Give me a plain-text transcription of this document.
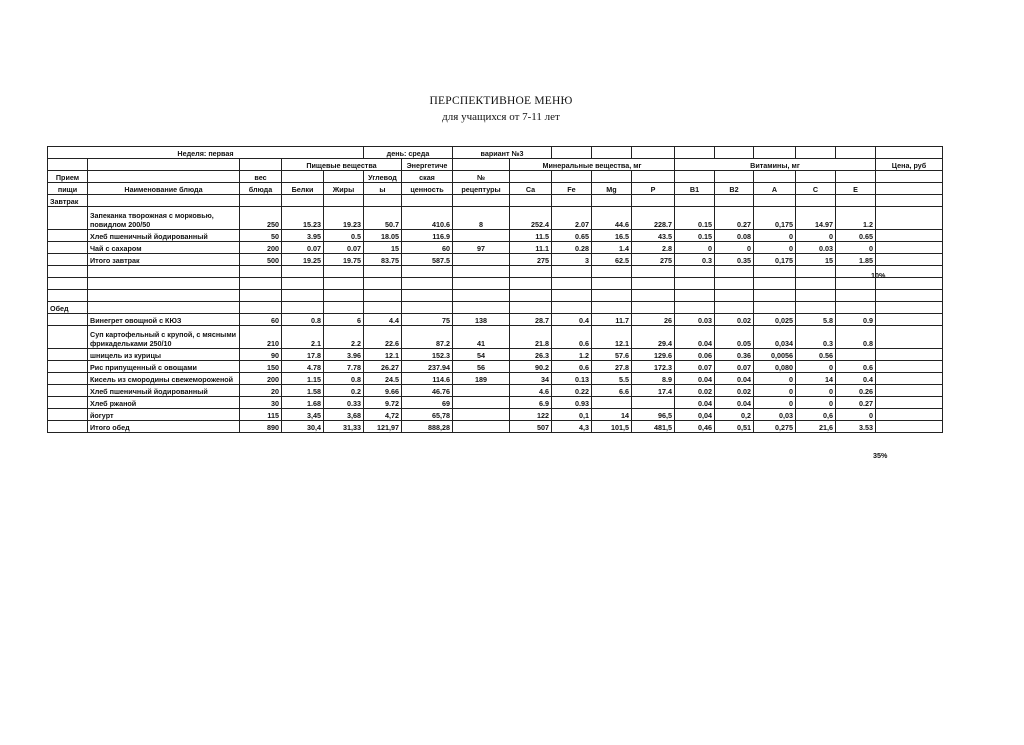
ПЕРСПЕКТИВНОЕ МЕНЮ
для учащихся от 7-11 лет
Неделя: первая					день: среда		вариант №3										
			Пищевые вещества			Энергетиче		Минеральные вещества, мг				Витамины, мг					Цена, руб
Прием		вес			Углевод	ская	№										
пищи	Наименование блюда	блюда	Белки	Жиры	ы	ценность	рецептуры	Ca	Fe	Mg	P	B1	B2	A	C	E	
Завтрак																	
	Запеканка творожная с морковью, повидлом 200/50	250	15.23	19.23	50.7	410.6	8	252.4	2.07	44.6	228.7	0.15	0.27	0,175	14.97	1.2	
	Хлеб пшеничный йодированный	50	3.95	0.5	18.05	116.9		11.5	0.65	16.5	43.5	0.15	0.08	0	0	0.65	
	Чай с сахаром	200	0.07	0.07	15	60	97	11.1	0.28	1.4	2.8	0	0	0	0.03	0	
	Итого завтрак	500	19.25	19.75	83.75	587.5		275	3	62.5	275	0.3	0.35	0,175	15	1.85	

Обед																	
	Винегрет овощной с КЮЗ	60	0.8	6	4.4	75	138	28.7	0.4	11.7	26	0.03	0.02	0,025	5.8	0.9	
	Суп картофельный с крупой, с мясными фрикадельками 250/10	210	2.1	2.2	22.6	87.2	41	21.8	0.6	12.1	29.4	0.04	0.05	0,034	0.3	0.8	
	шницель из курицы	90	17.8	3.96	12.1	152.3	54	26.3	1.2	57.6	129.6	0.06	0.36	0,0056	0.56		
	Рис припущенный с овощами	150	4.78	7.78	26.27	237.94	56	90.2	0.6	27.8	172.3	0.07	0.07	0,080	0	0.6	
	Кисель из смородины свежемороженой	200	1.15	0.8	24.5	114.6	189	34	0.13	5.5	8.9	0.04	0.04	0	14	0.4	
	Хлеб пшеничный йодированный	20	1.58	0.2	9.66	46.76		4.6	0.22	6.6	17.4	0.02	0.02	0	0	0.26	
	Хлеб ржаной	30	1.68	0.33	9.72	69		6.9	0.93			0.04	0.04	0	0	0.27	
	йогурт	115	3,45	3,68	4,72	65,78		122	0,1	14	96,5	0,04	0,2	0,03	0,6	0	
	Итого обед	890	30,4	31,33	121,97	888,28		507	4,3	101,5	481,5	0,46	0,51	0,275	21,6	3.53	
10%
35%
